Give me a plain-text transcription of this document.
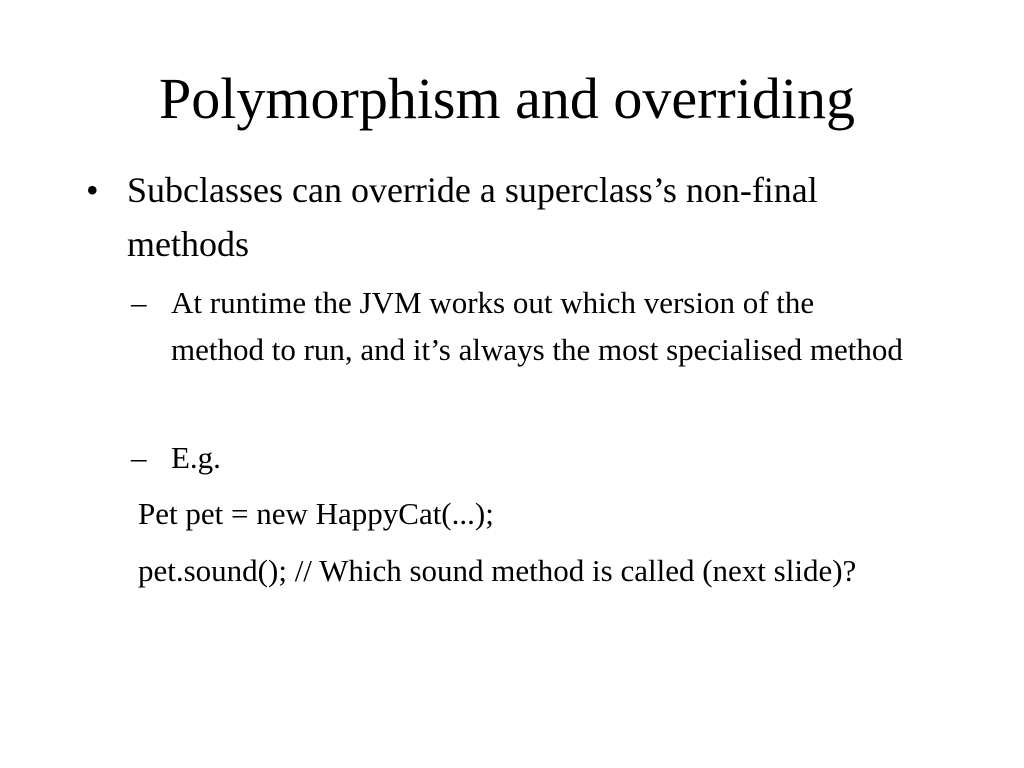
Polymorphism and overriding
• Subclasses can override a superclass’s non-final methods
– At runtime the JVM works out which version of the method to run, and it’s always the most specialised method
– E.g.
Pet pet = new HappyCat(...);
pet.sound(); // Which sound method is called (next slide)?
